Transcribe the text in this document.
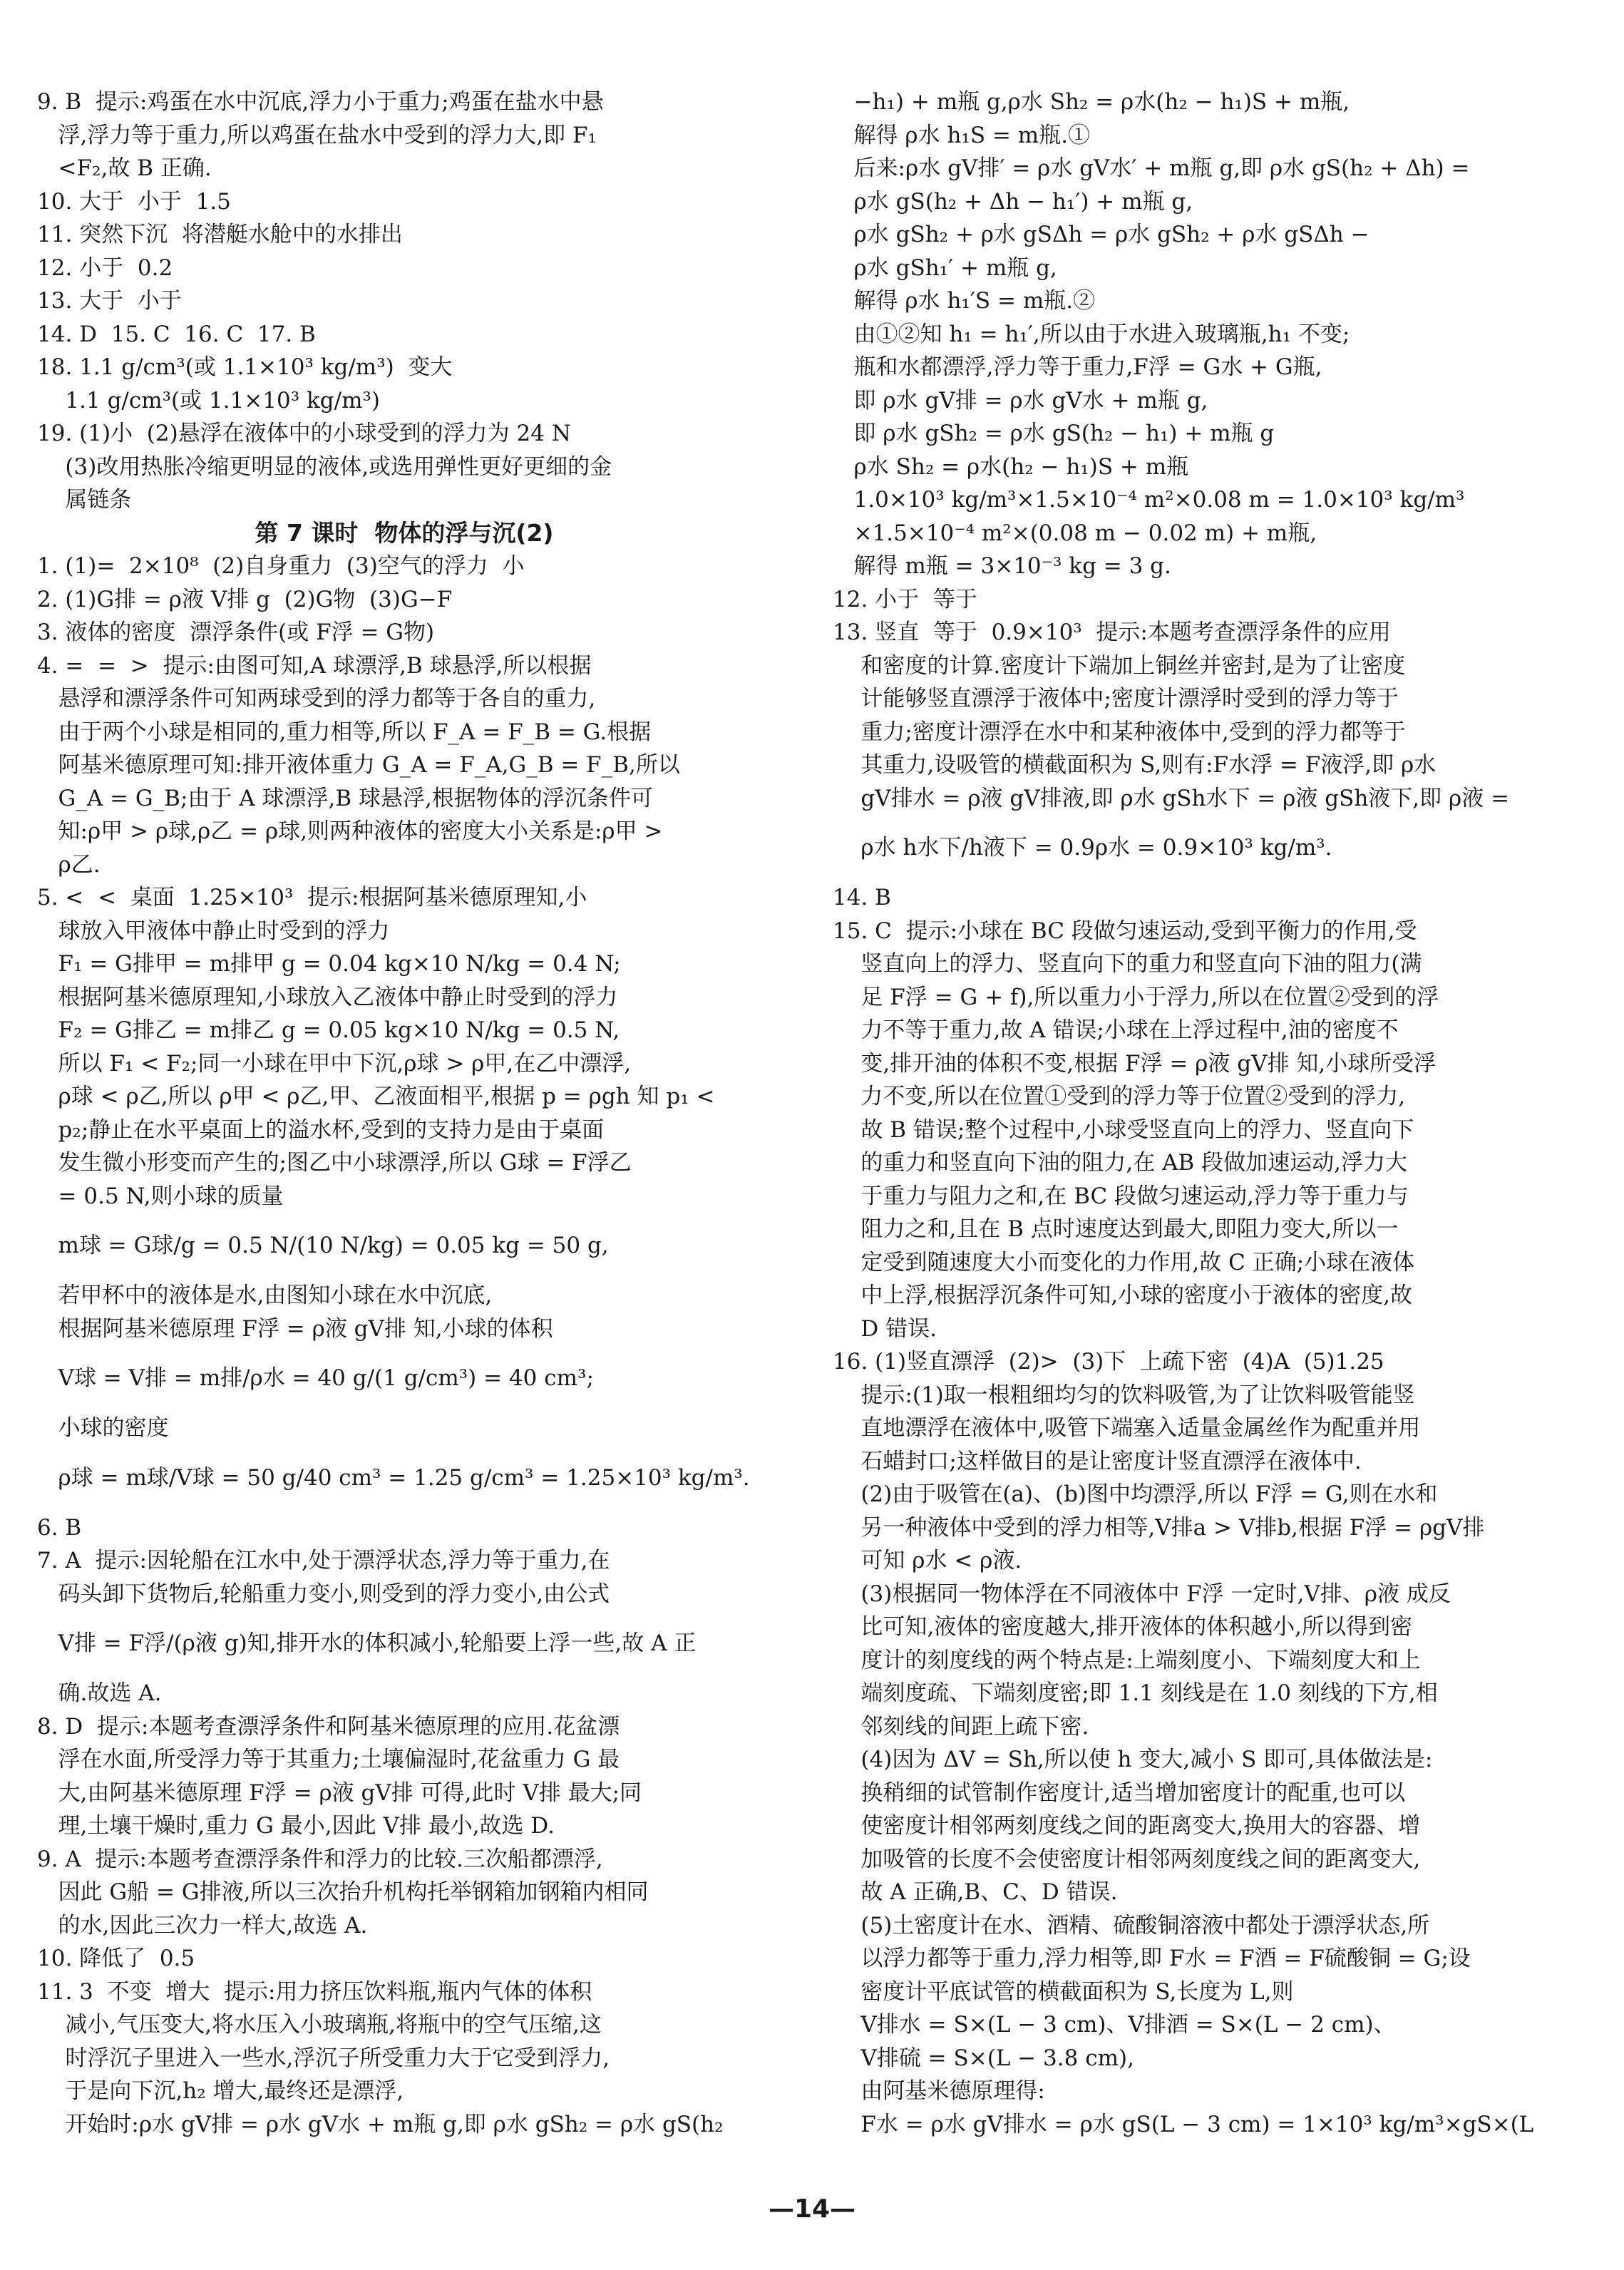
9. B  提示:鸡蛋在水中沉底,浮力小于重力;鸡蛋在盐水中悬
浮,浮力等于重力,所以鸡蛋在盐水中受到的浮力大,即 F₁
<F₂,故 B 正确.
10. 大于  小于  1.5
11. 突然下沉  将潜艇水舱中的水排出
12. 小于  0.2
13. 大于  小于
14. D  15. C  16. C  17. B
18. 1.1 g/cm³(或 1.1×10³ kg/m³)  变大
1.1 g/cm³(或 1.1×10³ kg/m³)
19. (1)小  (2)悬浮在液体中的小球受到的浮力为 24 N
(3)改用热胀冷缩更明显的液体,或选用弹性更好更细的金
属链条
第 7 课时  物体的浮与沉(2)
1. (1)=  2×10⁸  (2)自身重力  (3)空气的浮力  小
2. (1)G排 = ρ液 V排 g  (2)G物  (3)G−F
3. 液体的密度  漂浮条件(或 F浮 = G物)
4. =  =  >  提示:由图可知,A 球漂浮,B 球悬浮,所以根据
悬浮和漂浮条件可知两球受到的浮力都等于各自的重力,
由于两个小球是相同的,重力相等,所以 F_A = F_B = G.根据
阿基米德原理可知:排开液体重力 G_A = F_A,G_B = F_B,所以
G_A = G_B;由于 A 球漂浮,B 球悬浮,根据物体的浮沉条件可
知:ρ甲 > ρ球,ρ乙 = ρ球,则两种液体的密度大小关系是:ρ甲 >
ρ乙.
5. <  <  桌面  1.25×10³  提示:根据阿基米德原理知,小
球放入甲液体中静止时受到的浮力
F₁ = G排甲 = m排甲 g = 0.04 kg×10 N/kg = 0.4 N;
根据阿基米德原理知,小球放入乙液体中静止时受到的浮力
F₂ = G排乙 = m排乙 g = 0.05 kg×10 N/kg = 0.5 N,
所以 F₁ < F₂;同一小球在甲中下沉,ρ球 > ρ甲,在乙中漂浮,
ρ球 < ρ乙,所以 ρ甲 < ρ乙,甲、乙液面相平,根据 p = ρgh 知 p₁ <
p₂;静止在水平桌面上的溢水杯,受到的支持力是由于桌面
发生微小形变而产生的;图乙中小球漂浮,所以 G球 = F浮乙
= 0.5 N,则小球的质量
m球 = G球/g = 0.5 N/(10 N/kg) = 0.05 kg = 50 g,
若甲杯中的液体是水,由图知小球在水中沉底,
根据阿基米德原理 F浮 = ρ液 gV排 知,小球的体积
V球 = V排 = m排/ρ水 = 40 g/(1 g/cm³) = 40 cm³;
小球的密度
ρ球 = m球/V球 = 50 g/40 cm³ = 1.25 g/cm³ = 1.25×10³ kg/m³.
6. B
7. A  提示:因轮船在江水中,处于漂浮状态,浮力等于重力,在
码头卸下货物后,轮船重力变小,则受到的浮力变小,由公式
V排 = F浮/(ρ液 g)知,排开水的体积减小,轮船要上浮一些,故 A 正
确.故选 A.
8. D  提示:本题考查漂浮条件和阿基米德原理的应用.花盆漂
浮在水面,所受浮力等于其重力;土壤偏湿时,花盆重力 G 最
大,由阿基米德原理 F浮 = ρ液 gV排 可得,此时 V排 最大;同
理,土壤干燥时,重力 G 最小,因此 V排 最小,故选 D.
9. A  提示:本题考查漂浮条件和浮力的比较.三次船都漂浮,
因此 G船 = G排液,所以三次抬升机构托举钢箱加钢箱内相同
的水,因此三次力一样大,故选 A.
10. 降低了  0.5
11. 3  不变  增大  提示:用力挤压饮料瓶,瓶内气体的体积
减小,气压变大,将水压入小玻璃瓶,将瓶中的空气压缩,这
时浮沉子里进入一些水,浮沉子所受重力大于它受到浮力,
于是向下沉,h₂ 增大,最终还是漂浮,
开始时:ρ水 gV排 = ρ水 gV水 + m瓶 g,即 ρ水 gSh₂ = ρ水 gS(h₂
−h₁) + m瓶 g,ρ水 Sh₂ = ρ水(h₂ − h₁)S + m瓶,
解得 ρ水 h₁S = m瓶.①
后来:ρ水 gV排′ = ρ水 gV水′ + m瓶 g,即 ρ水 gS(h₂ + Δh) =
ρ水 gS(h₂ + Δh − h₁′) + m瓶 g,
ρ水 gSh₂ + ρ水 gSΔh = ρ水 gSh₂ + ρ水 gSΔh −
ρ水 gSh₁′ + m瓶 g,
解得 ρ水 h₁′S = m瓶.②
由①②知 h₁ = h₁′,所以由于水进入玻璃瓶,h₁ 不变;
瓶和水都漂浮,浮力等于重力,F浮 = G水 + G瓶,
即 ρ水 gV排 = ρ水 gV水 + m瓶 g,
即 ρ水 gSh₂ = ρ水 gS(h₂ − h₁) + m瓶 g
ρ水 Sh₂ = ρ水(h₂ − h₁)S + m瓶
1.0×10³ kg/m³×1.5×10⁻⁴ m²×0.08 m = 1.0×10³ kg/m³
×1.5×10⁻⁴ m²×(0.08 m − 0.02 m) + m瓶,
解得 m瓶 = 3×10⁻³ kg = 3 g.
12. 小于  等于
13. 竖直  等于  0.9×10³  提示:本题考查漂浮条件的应用
和密度的计算.密度计下端加上铜丝并密封,是为了让密度
计能够竖直漂浮于液体中;密度计漂浮时受到的浮力等于
重力;密度计漂浮在水中和某种液体中,受到的浮力都等于
其重力,设吸管的横截面积为 S,则有:F水浮 = F液浮,即 ρ水
gV排水 = ρ液 gV排液,即 ρ水 gSh水下 = ρ液 gSh液下,即 ρ液 =
ρ水 h水下/h液下 = 0.9ρ水 = 0.9×10³ kg/m³.
14. B
15. C  提示:小球在 BC 段做匀速运动,受到平衡力的作用,受
竖直向上的浮力、竖直向下的重力和竖直向下油的阻力(满
足 F浮 = G + f),所以重力小于浮力,所以在位置②受到的浮
力不等于重力,故 A 错误;小球在上浮过程中,油的密度不
变,排开油的体积不变,根据 F浮 = ρ液 gV排 知,小球所受浮
力不变,所以在位置①受到的浮力等于位置②受到的浮力,
故 B 错误;整个过程中,小球受竖直向上的浮力、竖直向下
的重力和竖直向下油的阻力,在 AB 段做加速运动,浮力大
于重力与阻力之和,在 BC 段做匀速运动,浮力等于重力与
阻力之和,且在 B 点时速度达到最大,即阻力变大,所以一
定受到随速度大小而变化的力作用,故 C 正确;小球在液体
中上浮,根据浮沉条件可知,小球的密度小于液体的密度,故
D 错误.
16. (1)竖直漂浮  (2)>  (3)下  上疏下密  (4)A  (5)1.25
提示:(1)取一根粗细均匀的饮料吸管,为了让饮料吸管能竖
直地漂浮在液体中,吸管下端塞入适量金属丝作为配重并用
石蜡封口;这样做目的是让密度计竖直漂浮在液体中.
(2)由于吸管在(a)、(b)图中均漂浮,所以 F浮 = G,则在水和
另一种液体中受到的浮力相等,V排a > V排b,根据 F浮 = ρgV排
可知 ρ水 < ρ液.
(3)根据同一物体浮在不同液体中 F浮 一定时,V排、ρ液 成反
比可知,液体的密度越大,排开液体的体积越小,所以得到密
度计的刻度线的两个特点是:上端刻度小、下端刻度大和上
端刻度疏、下端刻度密;即 1.1 刻线是在 1.0 刻线的下方,相
邻刻线的间距上疏下密.
(4)因为 ΔV = Sh,所以使 h 变大,减小 S 即可,具体做法是:
换稍细的试管制作密度计,适当增加密度计的配重,也可以
使密度计相邻两刻度线之间的距离变大,换用大的容器、增
加吸管的长度不会使密度计相邻两刻度线之间的距离变大,
故 A 正确,B、C、D 错误.
(5)土密度计在水、酒精、硫酸铜溶液中都处于漂浮状态,所
以浮力都等于重力,浮力相等,即 F水 = F酒 = F硫酸铜 = G;设
密度计平底试管的横截面积为 S,长度为 L,则
V排水 = S×(L − 3 cm)、V排酒 = S×(L − 2 cm)、
V排硫 = S×(L − 3.8 cm),
由阿基米德原理得:
F水 = ρ水 gV排水 = ρ水 gS(L − 3 cm) = 1×10³ kg/m³×gS×(L
—14—
